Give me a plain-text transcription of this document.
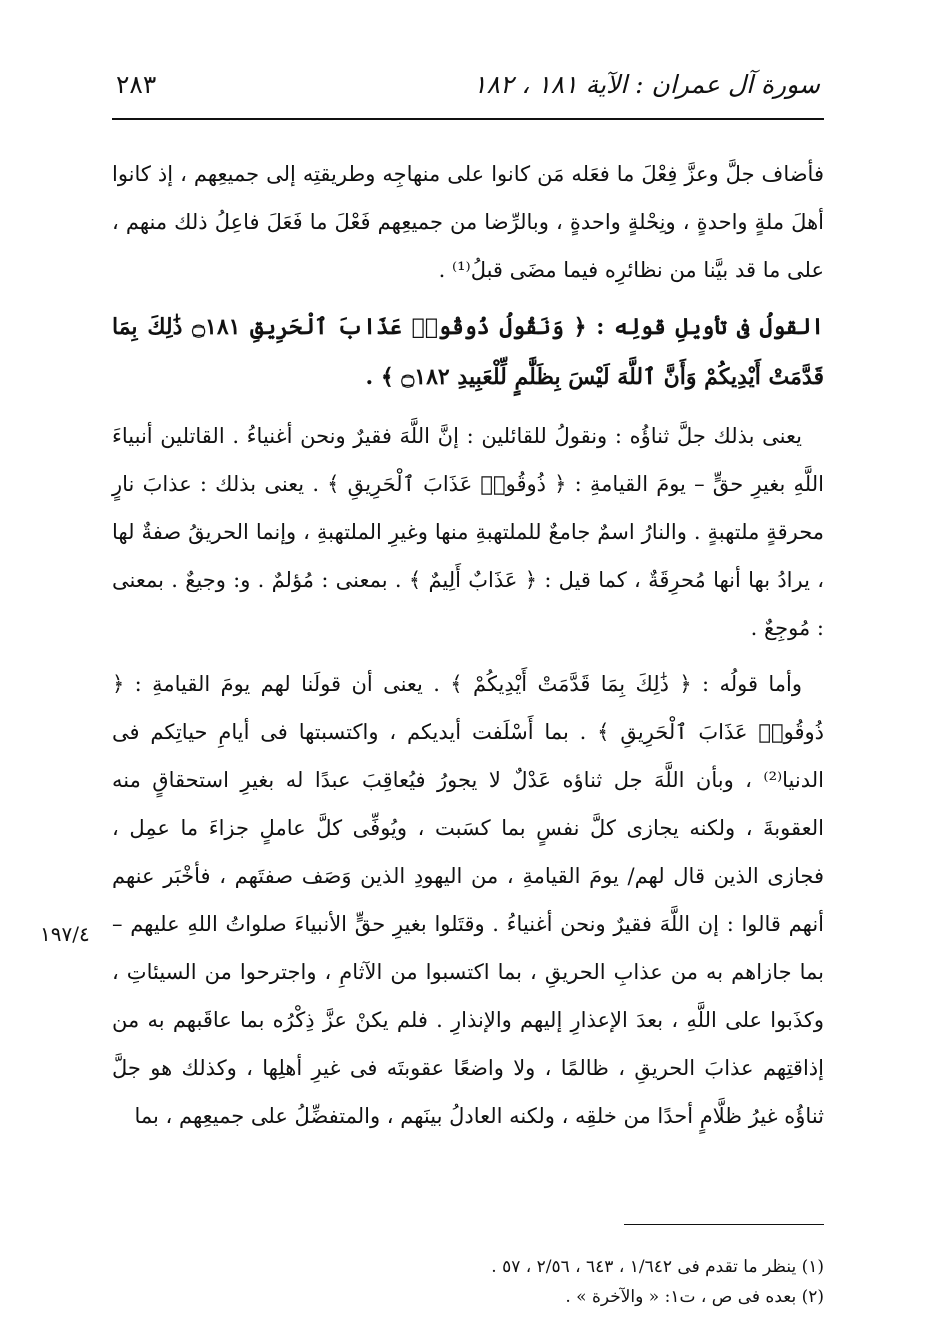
٢٨٣	سورة آل عمران : الآية ١٨١ ، ١٨٢

فأضاف جلَّ وعزَّ فِعْلَ ما فعَله مَن كانوا على منهاجِه وطريقتِه إلى جميعِهم ، إذ كانوا أهلَ ملةٍ واحدةٍ ، ونِحْلةٍ واحدةٍ ، وبالرِّضا من جميعِهم فَعْلَ ما فَعَلَ فاعِلُ ذلك منهم ، على ما قد بيَّنا من نظائرِه فيما مضَى قبلُ⁽¹⁾ .

القولُ فى تأويلِ قولِه : ﴿ وَنَقُولُ ذُوقُوا۟ عَذَابَ ٱلْحَرِيقِ ۝١٨١ ذَٰلِكَ بِمَا قَدَّمَتْ أَيْدِيكُمْ وَأَنَّ ٱللَّهَ لَيْسَ بِظَلَّٰمٍ لِّلْعَبِيدِ ۝١٨٢ ﴾ .

يعنى بذلك جلَّ ثناؤُه : ونقولُ للقائلين : إنَّ اللَّهَ فقيرٌ ونحن أغنياءُ . القاتلين أنبياءَ اللَّهِ بغيرِ حقٍّ – يومَ القيامةِ : ﴿ ذُوقُوا۟ عَذَابَ ٱلْحَرِيقِ ﴾ . يعنى بذلك : عذابَ نارٍ محرقةٍ ملتهبةٍ . والنارُ اسمٌ جامعٌ للملتهبةِ منها وغيرِ الملتهبةِ ، وإنما الحريقُ صفةٌ لها ، يرادُ بها أنها مُحرِقَةٌ ، كما قيل : ﴿ عَذَابٌ أَلِيمٌ ﴾ . بمعنى : مُؤلمٌ . و: وجيعٌ . بمعنى : مُوجِعٌ .

وأما قولُه : ﴿ ذَٰلِكَ بِمَا قَدَّمَتْ أَيْدِيكُمْ ﴾ . يعنى أن قولَنا لهم يومَ القيامةِ : ﴿ ذُوقُوا۟ عَذَابَ ٱلْحَرِيقِ ﴾ . بما أَسْلَفت أيديكم ، واكتسبتها فى أيامِ حياتِكم فى الدنيا⁽²⁾ ، وبأن اللَّهَ جل ثناؤه عَدْلٌ لا يجورُ فيُعاقِبَ عبدًا له بغيرِ استحقاقٍ منه العقوبةَ ، ولكنه يجازى كلَّ نفسٍ بما كسَبت ، ويُوفِّى كلَّ عاملٍ جزاءَ ما عمِل ، فجازى الذين قال لهم/ يومَ القيامةِ ، من اليهودِ الذين وَصَف صفتَهم ، فأخْبَر عنهم أنهم قالوا : إن اللَّهَ فقيرٌ ونحن أغنياءُ . وقتَلوا بغيرِ حقٍّ الأنبياءَ صلواتُ اللهِ عليهم – بما جازاهم به من عذابِ الحريقِ ، بما اكتسبوا من الآثامِ ، واجترحوا من السيئاتِ ، وكذَبوا على اللَّهِ ، بعدَ الإعذارِ إليهم والإنذارِ . فلم يكنْ عزَّ ذِكْرُه بما عاقَبهم به من إذاقتِهم عذابَ الحريقِ ، ظالمًا ، ولا واضعًا عقوبتَه فى غيرِ أهلِها ، وكذلك هو جلَّ ثناؤُه غيرُ ظلَّامٍ أحدًا من خلقِه ، ولكنه العادلُ بينَهم ، والمتفضِّلُ على جميعِهم ، بما

١٩٧/٤

(١) ينظر ما تقدم فى ١/٦٤٢ ، ٦٤٣ ، ٢/٥٦ ، ٥٧ .

(٢) بعده فى ص ، ت١: « والآخرة » .
